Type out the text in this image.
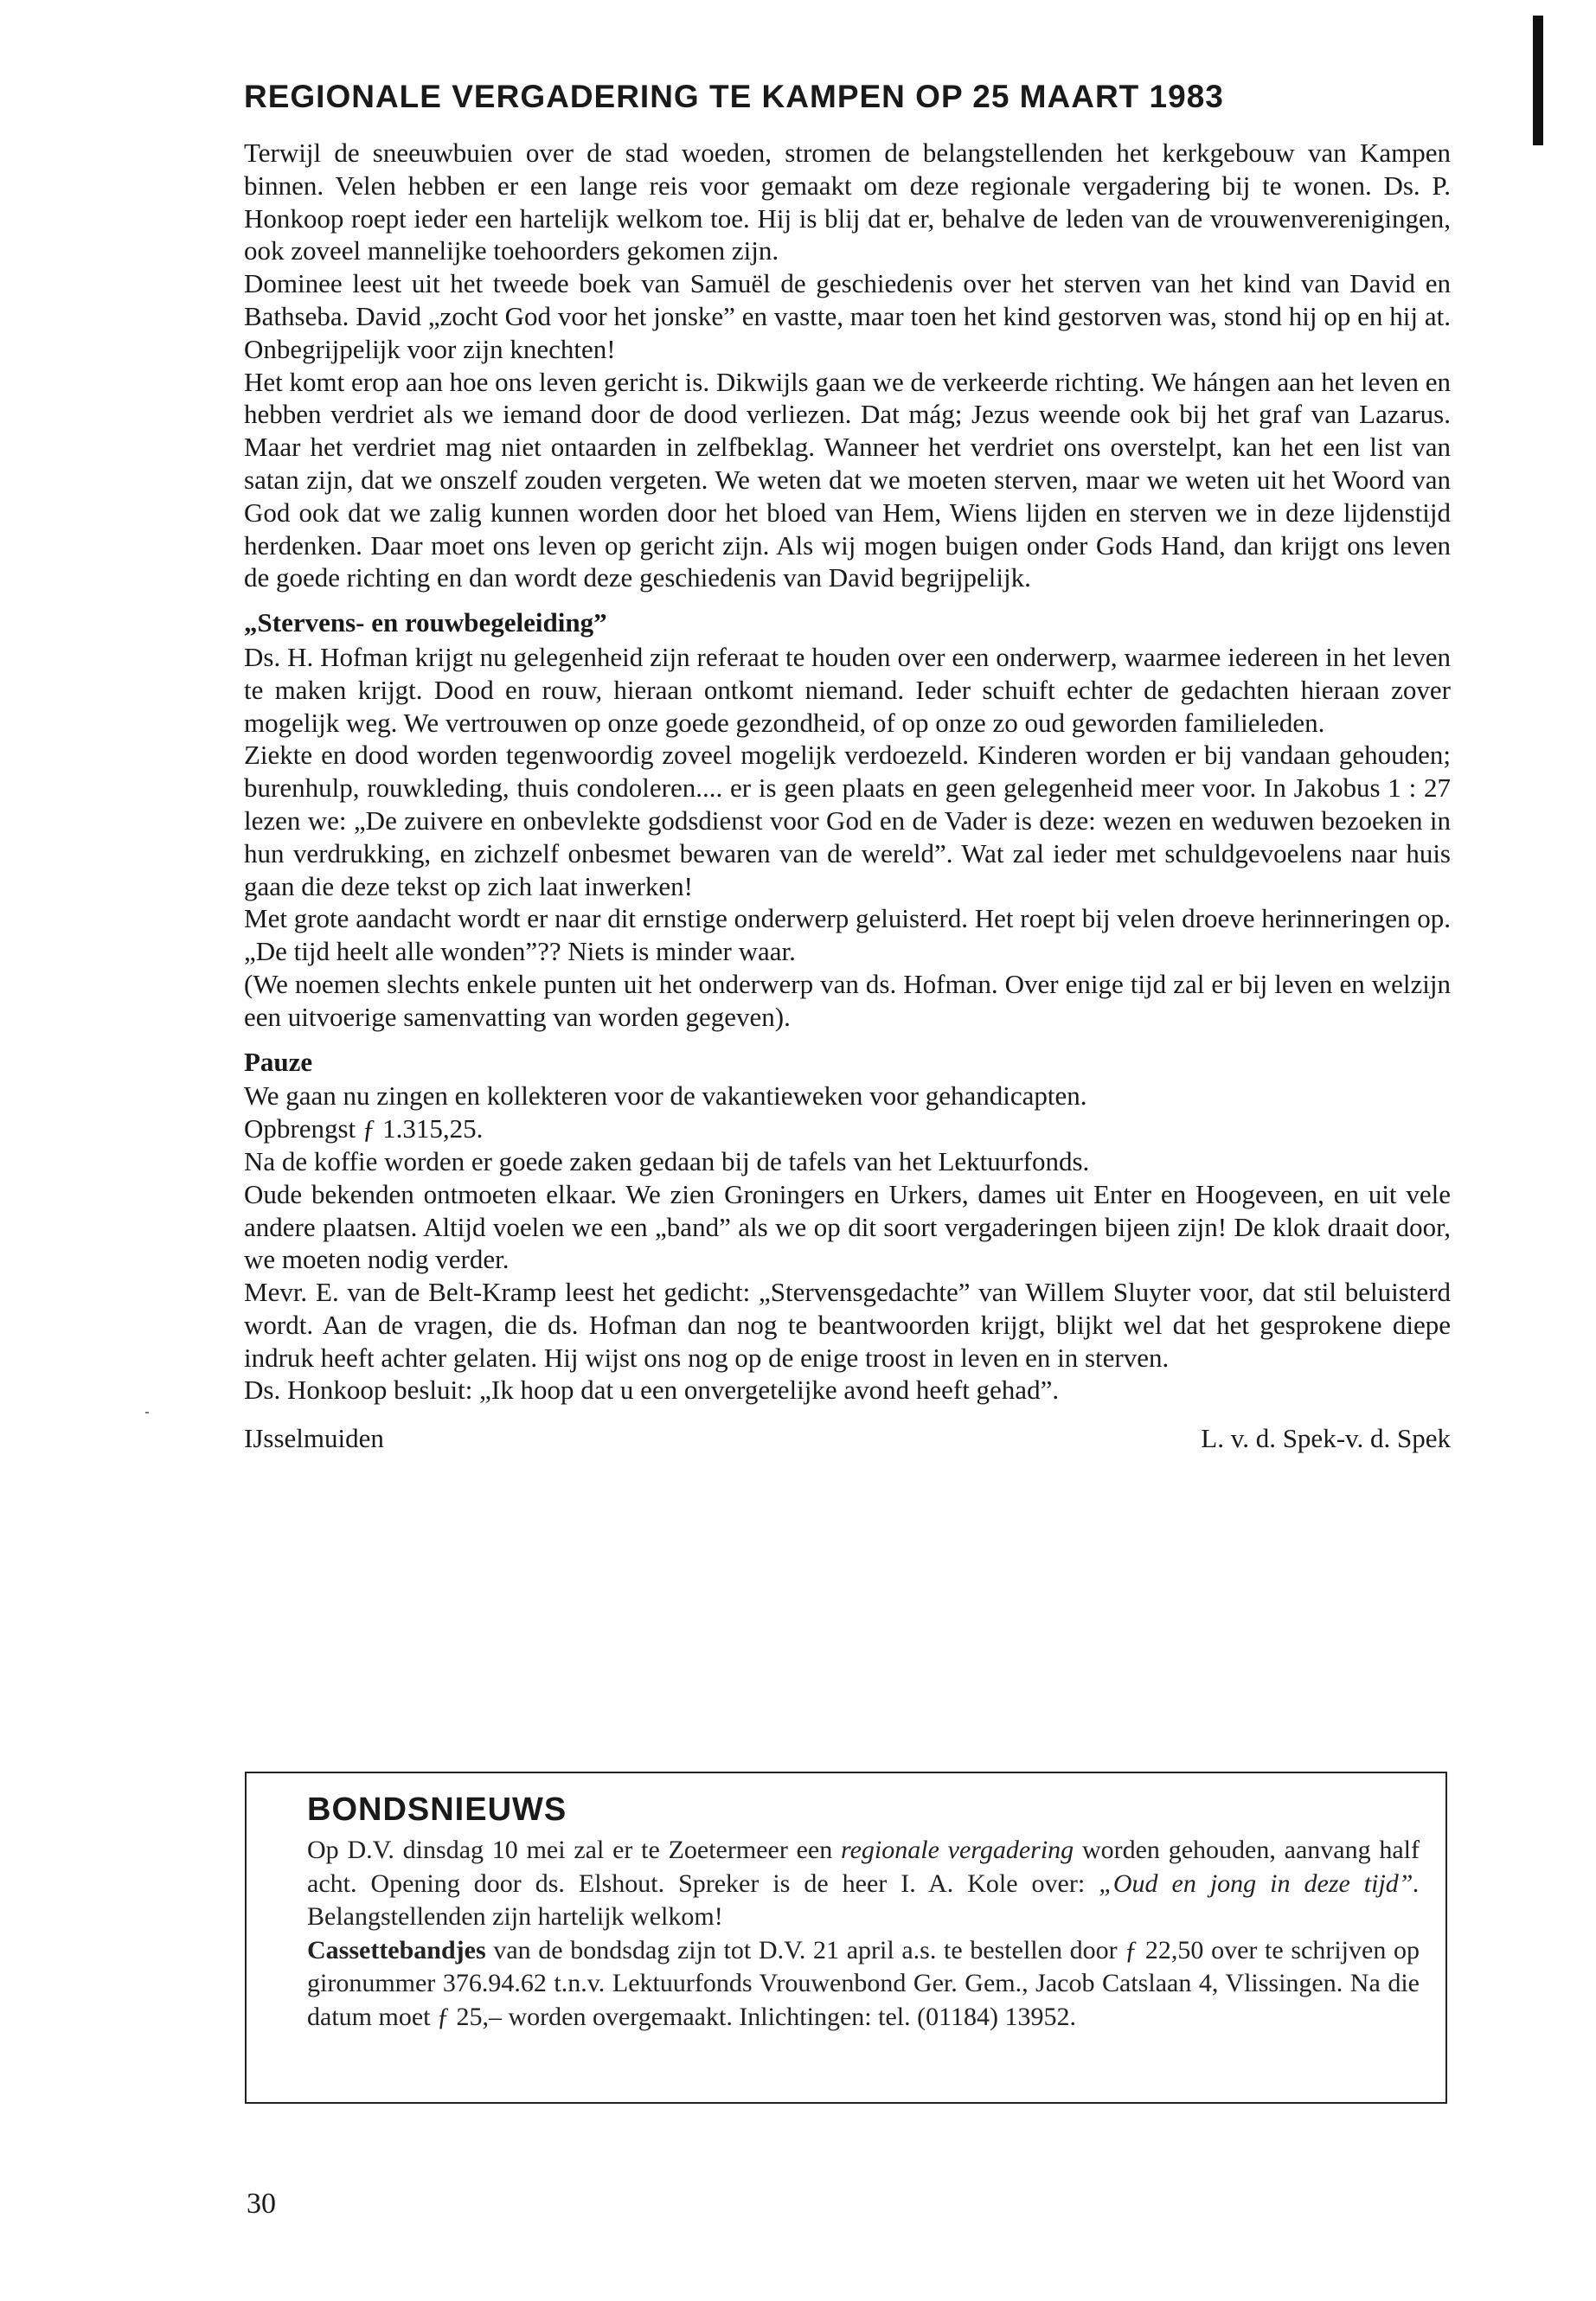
REGIONALE VERGADERING TE KAMPEN OP 25 MAART 1983

Terwijl de sneeuwbuien over de stad woeden, stromen de belangstellenden het kerkgebouw van Kampen binnen. Velen hebben er een lange reis voor gemaakt om deze regionale vergadering bij te wonen. Ds. P. Honkoop roept ieder een hartelijk welkom toe. Hij is blij dat er, behalve de leden van de vrouwenverenigingen, ook zoveel mannelijke toehoorders gekomen zijn.

Dominee leest uit het tweede boek van Samuël de geschiedenis over het sterven van het kind van David en Bathseba. David „zocht God voor het jonske” en vastte, maar toen het kind gestorven was, stond hij op en hij at. Onbegrijpelijk voor zijn knechten!

Het komt erop aan hoe ons leven gericht is. Dikwijls gaan we de verkeerde richting. We hángen aan het leven en hebben verdriet als we iemand door de dood verliezen. Dat mág; Jezus weende ook bij het graf van Lazarus. Maar het verdriet mag niet ontaarden in zelfbeklag. Wanneer het verdriet ons overstelpt, kan het een list van satan zijn, dat we onszelf zouden vergeten. We weten dat we moeten sterven, maar we weten uit het Woord van God ook dat we zalig kunnen worden door het bloed van Hem, Wiens lijden en sterven we in deze lijdenstijd herdenken. Daar moet ons leven op gericht zijn. Als wij mogen buigen onder Gods Hand, dan krijgt ons leven de goede richting en dan wordt deze geschiedenis van David begrijpelijk.

„Stervens- en rouwbegeleiding”

Ds. H. Hofman krijgt nu gelegenheid zijn referaat te houden over een onderwerp, waarmee iedereen in het leven te maken krijgt. Dood en rouw, hieraan ontkomt niemand. Ieder schuift echter de gedachten hieraan zover mogelijk weg. We vertrouwen op onze goede gezondheid, of op onze zo oud geworden familieleden.

Ziekte en dood worden tegenwoordig zoveel mogelijk verdoezeld. Kinderen worden er bij vandaan gehouden; burenhulp, rouwkleding, thuis condoleren.... er is geen plaats en geen gelegenheid meer voor. In Jakobus 1 : 27 lezen we: „De zuivere en onbevlekte godsdienst voor God en de Vader is deze: wezen en weduwen bezoeken in hun verdrukking, en zichzelf onbesmet bewaren van de wereld”. Wat zal ieder met schuldgevoelens naar huis gaan die deze tekst op zich laat inwerken!

Met grote aandacht wordt er naar dit ernstige onderwerp geluisterd. Het roept bij velen droeve herinneringen op. „De tijd heelt alle wonden”?? Niets is minder waar.

(We noemen slechts enkele punten uit het onderwerp van ds. Hofman. Over enige tijd zal er bij leven en welzijn een uitvoerige samenvatting van worden gegeven).

Pauze

We gaan nu zingen en kollekteren voor de vakantieweken voor gehandicapten.

Opbrengst ƒ 1.315,25.

Na de koffie worden er goede zaken gedaan bij de tafels van het Lektuurfonds.

Oude bekenden ontmoeten elkaar. We zien Groningers en Urkers, dames uit Enter en Hoogeveen, en uit vele andere plaatsen. Altijd voelen we een „band” als we op dit soort vergaderingen bijeen zijn! De klok draait door, we moeten nodig verder.

Mevr. E. van de Belt-Kramp leest het gedicht: „Stervensgedachte” van Willem Sluyter voor, dat stil beluisterd wordt. Aan de vragen, die ds. Hofman dan nog te beantwoorden krijgt, blijkt wel dat het gesprokene diepe indruk heeft achter gelaten. Hij wijst ons nog op de enige troost in leven en in sterven.

Ds. Honkoop besluit: „Ik hoop dat u een onvergetelijke avond heeft gehad”.

IJsselmuiden	L. v. d. Spek-v. d. Spek
BONDSNIEUWS

Op D.V. dinsdag 10 mei zal er te Zoetermeer een regionale vergadering worden gehouden, aanvang half acht. Opening door ds. Elshout. Spreker is de heer I. A. Kole over: „Oud en jong in deze tijd”. Belangstellenden zijn hartelijk welkom!

Cassettebandjes van de bondsdag zijn tot D.V. 21 april a.s. te bestellen door ƒ 22,50 over te schrijven op gironummer 376.94.62 t.n.v. Lektuurfonds Vrouwenbond Ger. Gem., Jacob Catslaan 4, Vlissingen. Na die datum moet ƒ 25,– worden overgemaakt. Inlichtingen: tel. (01184) 13952.

30
